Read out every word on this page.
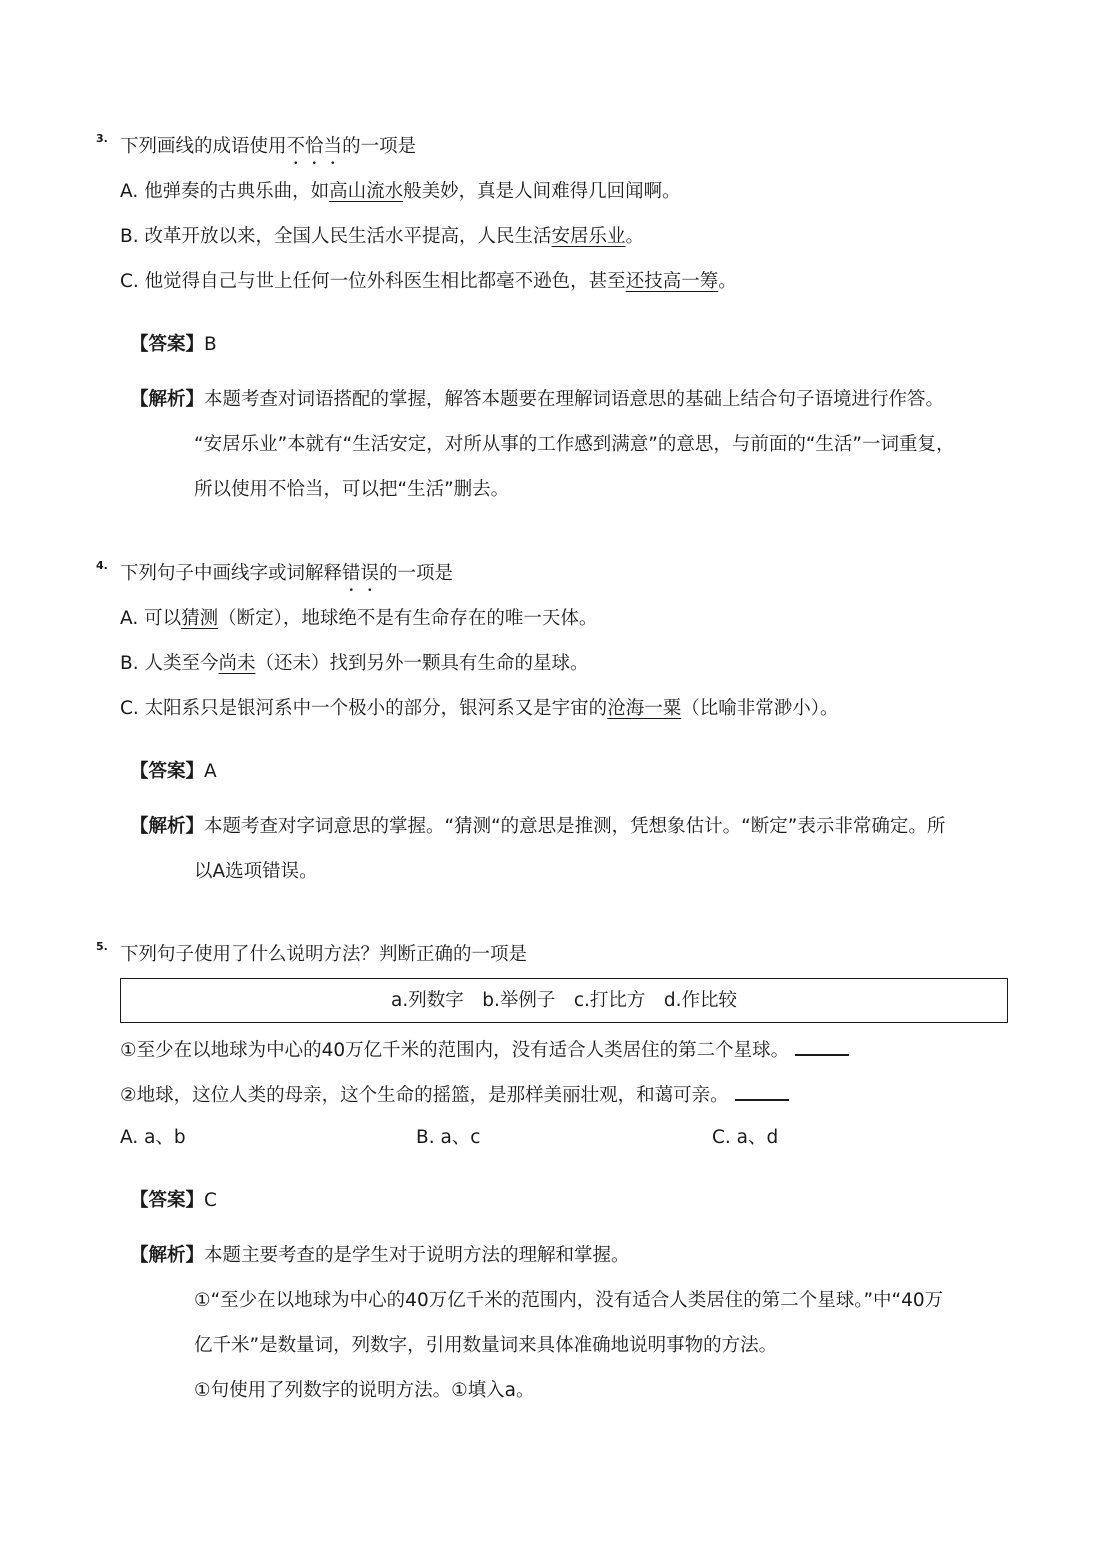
3. 下列画线的成语使用不恰当的一项是
A. 他弹奏的古典乐曲，如高山流水般美妙，真是人间难得几回闻啊。
B. 改革开放以来，全国人民生活水平提高，人民生活安居乐业。
C. 他觉得自己与世上任何一位外科医生相比都毫不逊色，甚至还技高一筹。
【答案】B
【解析】本题考查对词语搭配的掌握，解答本题要在理解词语意思的基础上结合句子语境进行作答。
“安居乐业”本就有“生活安定，对所从事的工作感到满意”的意思，与前面的“生活”一词重复，
所以使用不恰当，可以把“生活”删去。
4. 下列句子中画线字或词解释错误的一项是
A. 可以猜测（断定），地球绝不是有生命存在的唯一天体。
B. 人类至今尚未（还未）找到另外一颗具有生命的星球。
C. 太阳系只是银河系中一个极小的部分，银河系又是宇宙的沧海一粟（比喻非常渺小）。
【答案】A
【解析】本题考查对字词意思的掌握。“猜测“的意思是推测，凭想象估计。“断定”表示非常确定。所
以A选项错误。
5. 下列句子使用了什么说明方法？判断正确的一项是
a.列数字　b.举例子　c.打比方　d.作比较
①至少在以地球为中心的40万亿千米的范围内，没有适合人类居住的第二个星球。
②地球，这位人类的母亲，这个生命的摇篮，是那样美丽壮观，和蔼可亲。
A. a、b	B. a、c	C. a、d
【答案】C
【解析】本题主要考查的是学生对于说明方法的理解和掌握。
①“至少在以地球为中心的40万亿千米的范围内，没有适合人类居住的第二个星球。”中“40万
亿千米”是数量词，列数字，引用数量词来具体准确地说明事物的方法。
①句使用了列数字的说明方法。①填入a。
